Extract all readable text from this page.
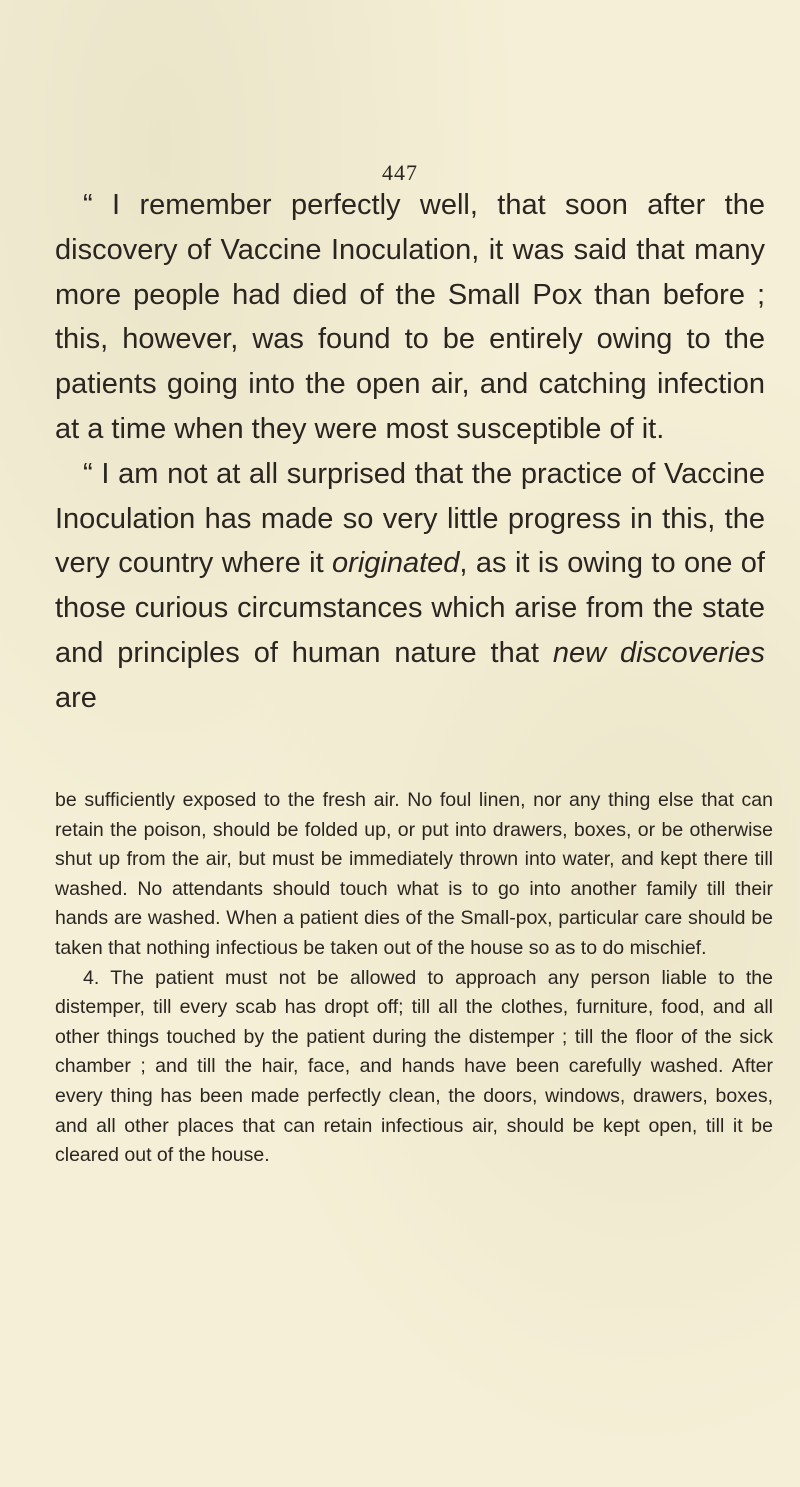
447

“ I remember perfectly well, that soon after the discovery of Vaccine Inoculation, it was said that many more people had died of the Small Pox than before ; this, however, was found to be entirely owing to the patients going into the open air, and catching infection at a time when they were most susceptible of it.

“ I am not at all surprised that the practice of Vaccine Inoculation has made so very little progress in this, the very country where it originated, as it is owing to one of those curious circumstances which arise from the state and principles of human nature that new discoveries are

be sufficiently exposed to the fresh air. No foul linen, nor any thing else that can retain the poison, should be folded up, or put into drawers, boxes, or be otherwise shut up from the air, but must be immediately thrown into water, and kept there till washed. No attendants should touch what is to go into another family till their hands are washed. When a patient dies of the Small-pox, particular care should be taken that nothing infectious be taken out of the house so as to do mischief.

4. The patient must not be allowed to approach any person liable to the distemper, till every scab has dropt off; till all the clothes, furniture, food, and all other things touched by the patient during the distemper ; till the floor of the sick chamber ; and till the hair, face, and hands have been carefully washed. After every thing has been made perfectly clean, the doors, windows, drawers, boxes, and all other places that can retain infectious air, should be kept open, till it be cleared out of the house.
